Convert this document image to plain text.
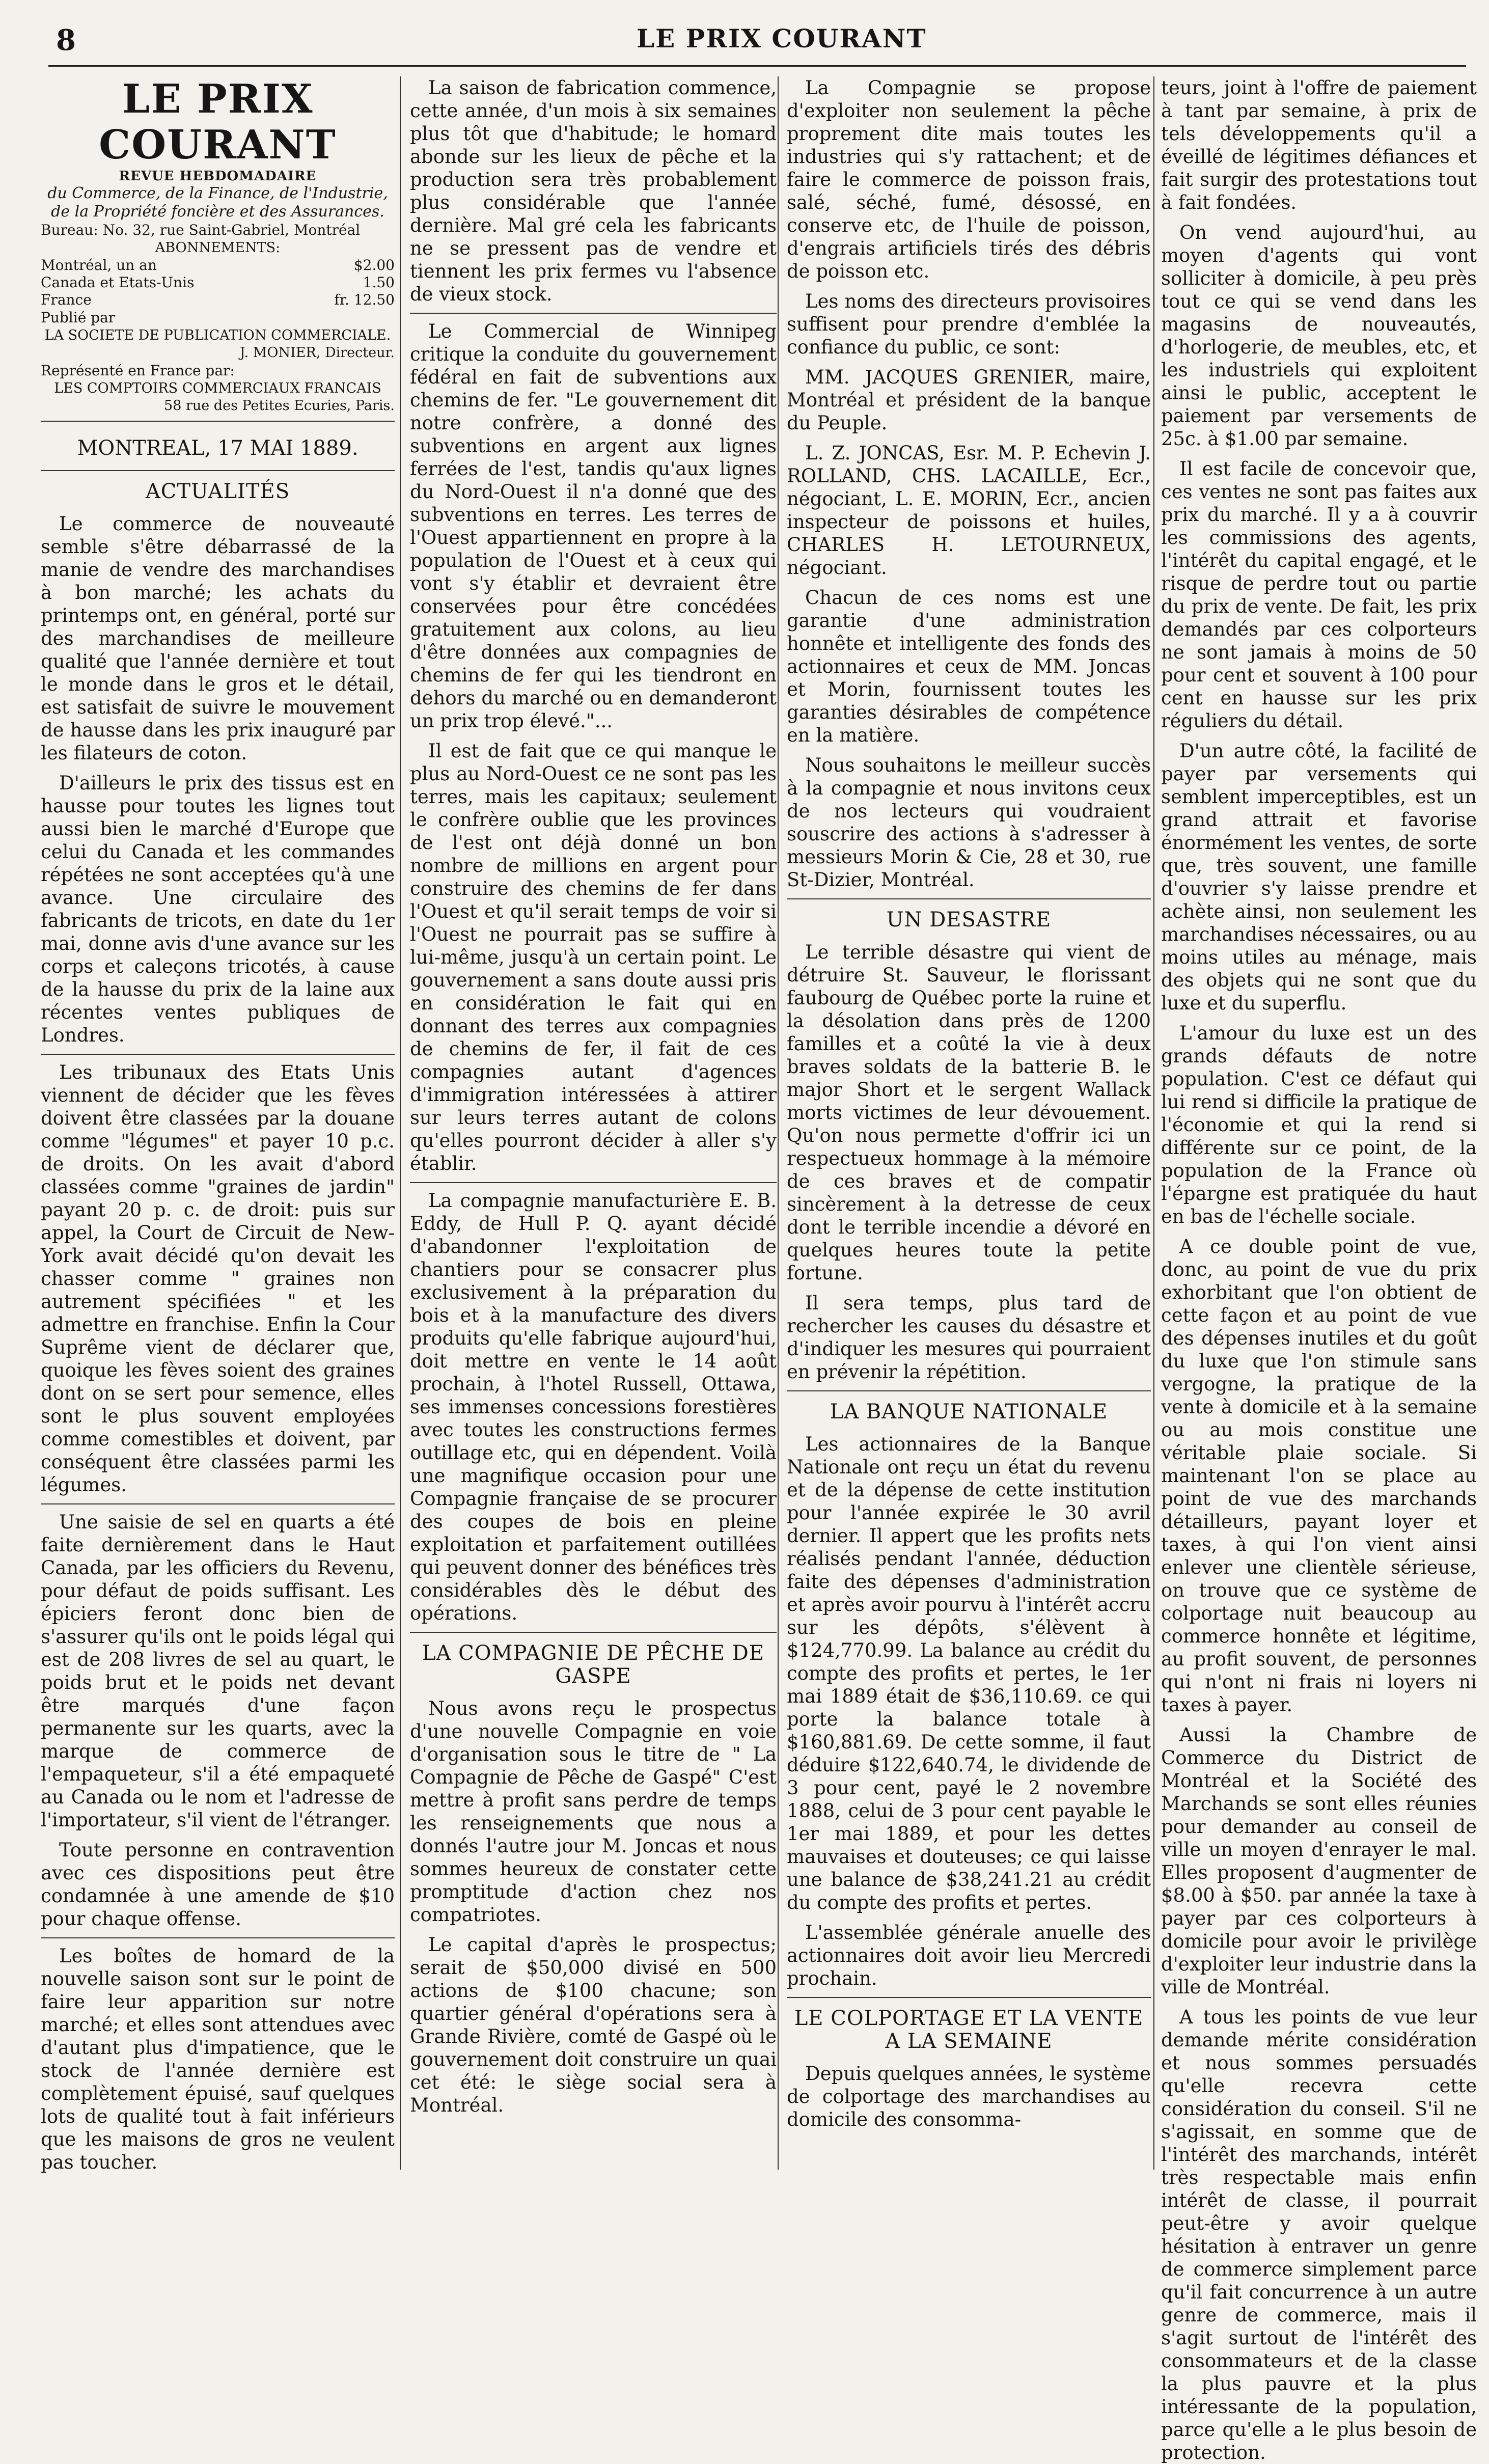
8	LE PRIX COURANT
LE PRIX COURANT
REVUE HEBDOMADAIRE
du Commerce, de la Finance, de l'Industrie, de la Propriété foncière et des Assurances.
Bureau: No. 32, rue Saint-Gabriel, Montréal
ABONNEMENTS:
Montréal, un an	$2.00
Canada et Etats-Unis	1.50
France	fr. 12.50
Publié par
LA SOCIETE DE PUBLICATION COMMERCIALE.
J. MONIER, Directeur.
Représenté en France par:
LES COMPTOIRS COMMERCIAUX FRANCAIS
58 rue des Petites Ecuries, Paris.
MONTREAL, 17 MAI 1889.
ACTUALITÉS

Le commerce de nouveauté semble s'être débarrassé de la manie de vendre des marchandises à bon marché; les achats du printemps ont, en général, porté sur des marchandises de meilleure qualité que l'année dernière et tout le monde dans le gros et le détail, est satisfait de suivre le mouvement de hausse dans les prix inauguré par les filateurs de coton.

D'ailleurs le prix des tissus est en hausse pour toutes les lignes tout aussi bien le marché d'Europe que celui du Canada et les commandes répétées ne sont acceptées qu'à une avance. Une circulaire des fabricants de tricots, en date du 1er mai, donne avis d'une avance sur les corps et caleçons tricotés, à cause de la hausse du prix de la laine aux récentes ventes publiques de Londres.

Les tribunaux des Etats Unis viennent de décider que les fèves doivent être classées par la douane comme "légumes" et payer 10 p.c. de droits. On les avait d'abord classées comme "graines de jardin" payant 20 p. c. de droit: puis sur appel, la Court de Circuit de New-York avait décidé qu'on devait les chasser comme " graines non autrement spécifiées " et les admettre en franchise. Enfin la Cour Suprême vient de déclarer que, quoique les fèves soient des graines dont on se sert pour semence, elles sont le plus souvent employées comme comestibles et doivent, par conséquent être classées parmi les légumes.

Une saisie de sel en quarts a été faite dernièrement dans le Haut Canada, par les officiers du Revenu, pour défaut de poids suffisant. Les épiciers feront donc bien de s'assurer qu'ils ont le poids légal qui est de 208 livres de sel au quart, le poids brut et le poids net devant être marqués d'une façon permanente sur les quarts, avec la marque de commerce de l'empaqueteur, s'il a été empaqueté au Canada ou le nom et l'adresse de l'importateur, s'il vient de l'étranger.

Toute personne en contravention avec ces dispositions peut être condamnée à une amende de $10 pour chaque offense.

Les boîtes de homard de la nouvelle saison sont sur le point de faire leur apparition sur notre marché; et elles sont attendues avec d'autant plus d'impatience, que le stock de l'année dernière est complètement épuisé, sauf quelques lots de qualité tout à fait inférieurs que les maisons de gros ne veulent pas toucher.

La saison de fabrication commence, cette année, d'un mois à six semaines plus tôt que d'habitude; le homard abonde sur les lieux de pêche et la production sera très probablement plus considérable que l'année dernière. Mal gré cela les fabricants ne se pressent pas de vendre et tiennent les prix fermes vu l'absence de vieux stock.

Le Commercial de Winnipeg critique la conduite du gouvernement fédéral en fait de subventions aux chemins de fer. "Le gouvernement dit notre confrère, a donné des subventions en argent aux lignes ferrées de l'est, tandis qu'aux lignes du Nord-Ouest il n'a donné que des subventions en terres. Les terres de l'Ouest appartiennent en propre à la population de l'Ouest et à ceux qui vont s'y établir et devraient être conservées pour être concédées gratuitement aux colons, au lieu d'être données aux compagnies de chemins de fer qui les tiendront en dehors du marché ou en demanderont un prix trop élevé."...

Il est de fait que ce qui manque le plus au Nord-Ouest ce ne sont pas les terres, mais les capitaux; seulement le confrère oublie que les provinces de l'est ont déjà donné un bon nombre de millions en argent pour construire des chemins de fer dans l'Ouest et qu'il serait temps de voir si l'Ouest ne pourrait pas se suffire à lui-même, jusqu'à un certain point. Le gouvernement a sans doute aussi pris en considération le fait qui en donnant des terres aux compagnies de chemins de fer, il fait de ces compagnies autant d'agences d'immigration intéressées à attirer sur leurs terres autant de colons qu'elles pourront décider à aller s'y établir.

La compagnie manufacturière E. B. Eddy, de Hull P. Q. ayant décidé d'abandonner l'exploitation de chantiers pour se consacrer plus exclusivement à la préparation du bois et à la manufacture des divers produits qu'elle fabrique aujourd'hui, doit mettre en vente le 14 août prochain, à l'hotel Russell, Ottawa, ses immenses concessions forestières avec toutes les constructions fermes outillage etc, qui en dépendent. Voilà une magnifique occasion pour une Compagnie française de se procurer des coupes de bois en pleine exploitation et parfaitement outillées qui peuvent donner des bénéfices très considérables dès le début des opérations.

LA COMPAGNIE DE PÊCHE DE GASPE

Nous avons reçu le prospectus d'une nouvelle Compagnie en voie d'organisation sous le titre de " La Compagnie de Pêche de Gaspé" C'est mettre à profit sans perdre de temps les renseignements que nous a donnés l'autre jour M. Joncas et nous sommes heureux de constater cette promptitude d'action chez nos compatriotes.

Le capital d'après le prospectus; serait de $50,000 divisé en 500 actions de $100 chacune; son quartier général d'opérations sera à Grande Rivière, comté de Gaspé où le gouvernement doit construire un quai cet été: le siège social sera à Montréal.

La Compagnie se propose d'exploiter non seulement la pêche proprement dite mais toutes les industries qui s'y rattachent; et de faire le commerce de poisson frais, salé, séché, fumé, désossé, en conserve etc, de l'huile de poisson, d'engrais artificiels tirés des débris de poisson etc.

Les noms des directeurs provisoires suffisent pour prendre d'emblée la confiance du public, ce sont:

MM. JACQUES GRENIER, maire, Montréal et président de la banque du Peuple.

L. Z. JONCAS, Esr. M. P. Echevin J. ROLLAND, CHS. LACAILLE, Ecr., négociant, L. E. MORIN, Ecr., ancien inspecteur de poissons et huiles, CHARLES H. LETOURNEUX, négociant.

Chacun de ces noms est une garantie d'une administration honnête et intelligente des fonds des actionnaires et ceux de MM. Joncas et Morin, fournissent toutes les garanties désirables de compétence en la matière.

Nous souhaitons le meilleur succès à la compagnie et nous invitons ceux de nos lecteurs qui voudraient souscrire des actions à s'adresser à messieurs Morin & Cie, 28 et 30, rue St-Dizier, Montréal.

UN DESASTRE

Le terrible désastre qui vient de détruire St. Sauveur, le florissant faubourg de Québec porte la ruine et la désolation dans près de 1200 familles et a coûté la vie à deux braves soldats de la batterie B. le major Short et le sergent Wallack morts victimes de leur dévouement. Qu'on nous permette d'offrir ici un respectueux hommage à la mémoire de ces braves et de compatir sincèrement à la detresse de ceux dont le terrible incendie a dévoré en quelques heures toute la petite fortune.

Il sera temps, plus tard de rechercher les causes du désastre et d'indiquer les mesures qui pourraient en prévenir la répétition.

LA BANQUE NATIONALE

Les actionnaires de la Banque Nationale ont reçu un état du revenu et de la dépense de cette institution pour l'année expirée le 30 avril dernier. Il appert que les profits nets réalisés pendant l'année, déduction faite des dépenses d'administration et après avoir pourvu à l'intérêt accru sur les dépôts, s'élèvent à $124,770.99. La balance au crédit du compte des profits et pertes, le 1er mai 1889 était de $36,110.69. ce qui porte la balance totale à $160,881.69. De cette somme, il faut déduire $122,640.74, le dividende de 3 pour cent, payé le 2 novembre 1888, celui de 3 pour cent payable le 1er mai 1889, et pour les dettes mauvaises et douteuses; ce qui laisse une balance de $38,241.21 au crédit du compte des profits et pertes.

L'assemblée générale anuelle des actionnaires doit avoir lieu Mercredi prochain.

LE COLPORTAGE ET LA VENTE A LA SEMAINE

Depuis quelques années, le système de colportage des marchandises au domicile des consomma-

teurs, joint à l'offre de paiement à tant par semaine, à prix de tels développements qu'il a éveillé de légitimes défiances et fait surgir des protestations tout à fait fondées.

On vend aujourd'hui, au moyen d'agents qui vont solliciter à domicile, à peu près tout ce qui se vend dans les magasins de nouveautés, d'horlogerie, de meubles, etc, et les industriels qui exploitent ainsi le public, acceptent le paiement par versements de 25c. à $1.00 par semaine.

Il est facile de concevoir que, ces ventes ne sont pas faites aux prix du marché. Il y a à couvrir les commissions des agents, l'intérêt du capital engagé, et le risque de perdre tout ou partie du prix de vente. De fait, les prix demandés par ces colporteurs ne sont jamais à moins de 50 pour cent et souvent à 100 pour cent en hausse sur les prix réguliers du détail.

D'un autre côté, la facilité de payer par versements qui semblent imperceptibles, est un grand attrait et favorise énormément les ventes, de sorte que, très souvent, une famille d'ouvrier s'y laisse prendre et achète ainsi, non seulement les marchandises nécessaires, ou au moins utiles au ménage, mais des objets qui ne sont que du luxe et du superflu.

L'amour du luxe est un des grands défauts de notre population. C'est ce défaut qui lui rend si difficile la pratique de l'économie et qui la rend si différente sur ce point, de la population de la France où l'épargne est pratiquée du haut en bas de l'échelle sociale.

A ce double point de vue, donc, au point de vue du prix exhorbitant que l'on obtient de cette façon et au point de vue des dépenses inutiles et du goût du luxe que l'on stimule sans vergogne, la pratique de la vente à domicile et à la semaine ou au mois constitue une véritable plaie sociale. Si maintenant l'on se place au point de vue des marchands détailleurs, payant loyer et taxes, à qui l'on vient ainsi enlever une clientèle sérieuse, on trouve que ce système de colportage nuit beaucoup au commerce honnête et légitime, au profit souvent, de personnes qui n'ont ni frais ni loyers ni taxes à payer.

Aussi la Chambre de Commerce du District de Montréal et la Société des Marchands se sont elles réunies pour demander au conseil de ville un moyen d'enrayer le mal. Elles proposent d'augmenter de $8.00 à $50. par année la taxe à payer par ces colporteurs à domicile pour avoir le privilège d'exploiter leur industrie dans la ville de Montréal.

A tous les points de vue leur demande mérite considération et nous sommes persuadés qu'elle recevra cette considération du conseil. S'il ne s'agissait, en somme que de l'intérêt des marchands, intérêt très respectable mais enfin intérêt de classe, il pourrait peut-être y avoir quelque hésitation à entraver un genre de commerce simplement parce qu'il fait concurrence à un autre genre de commerce, mais il s'agit surtout de l'intérêt des consommateurs et de la classe la plus pauvre et la plus intéressante de la population, parce qu'elle a le plus besoin de protection.
